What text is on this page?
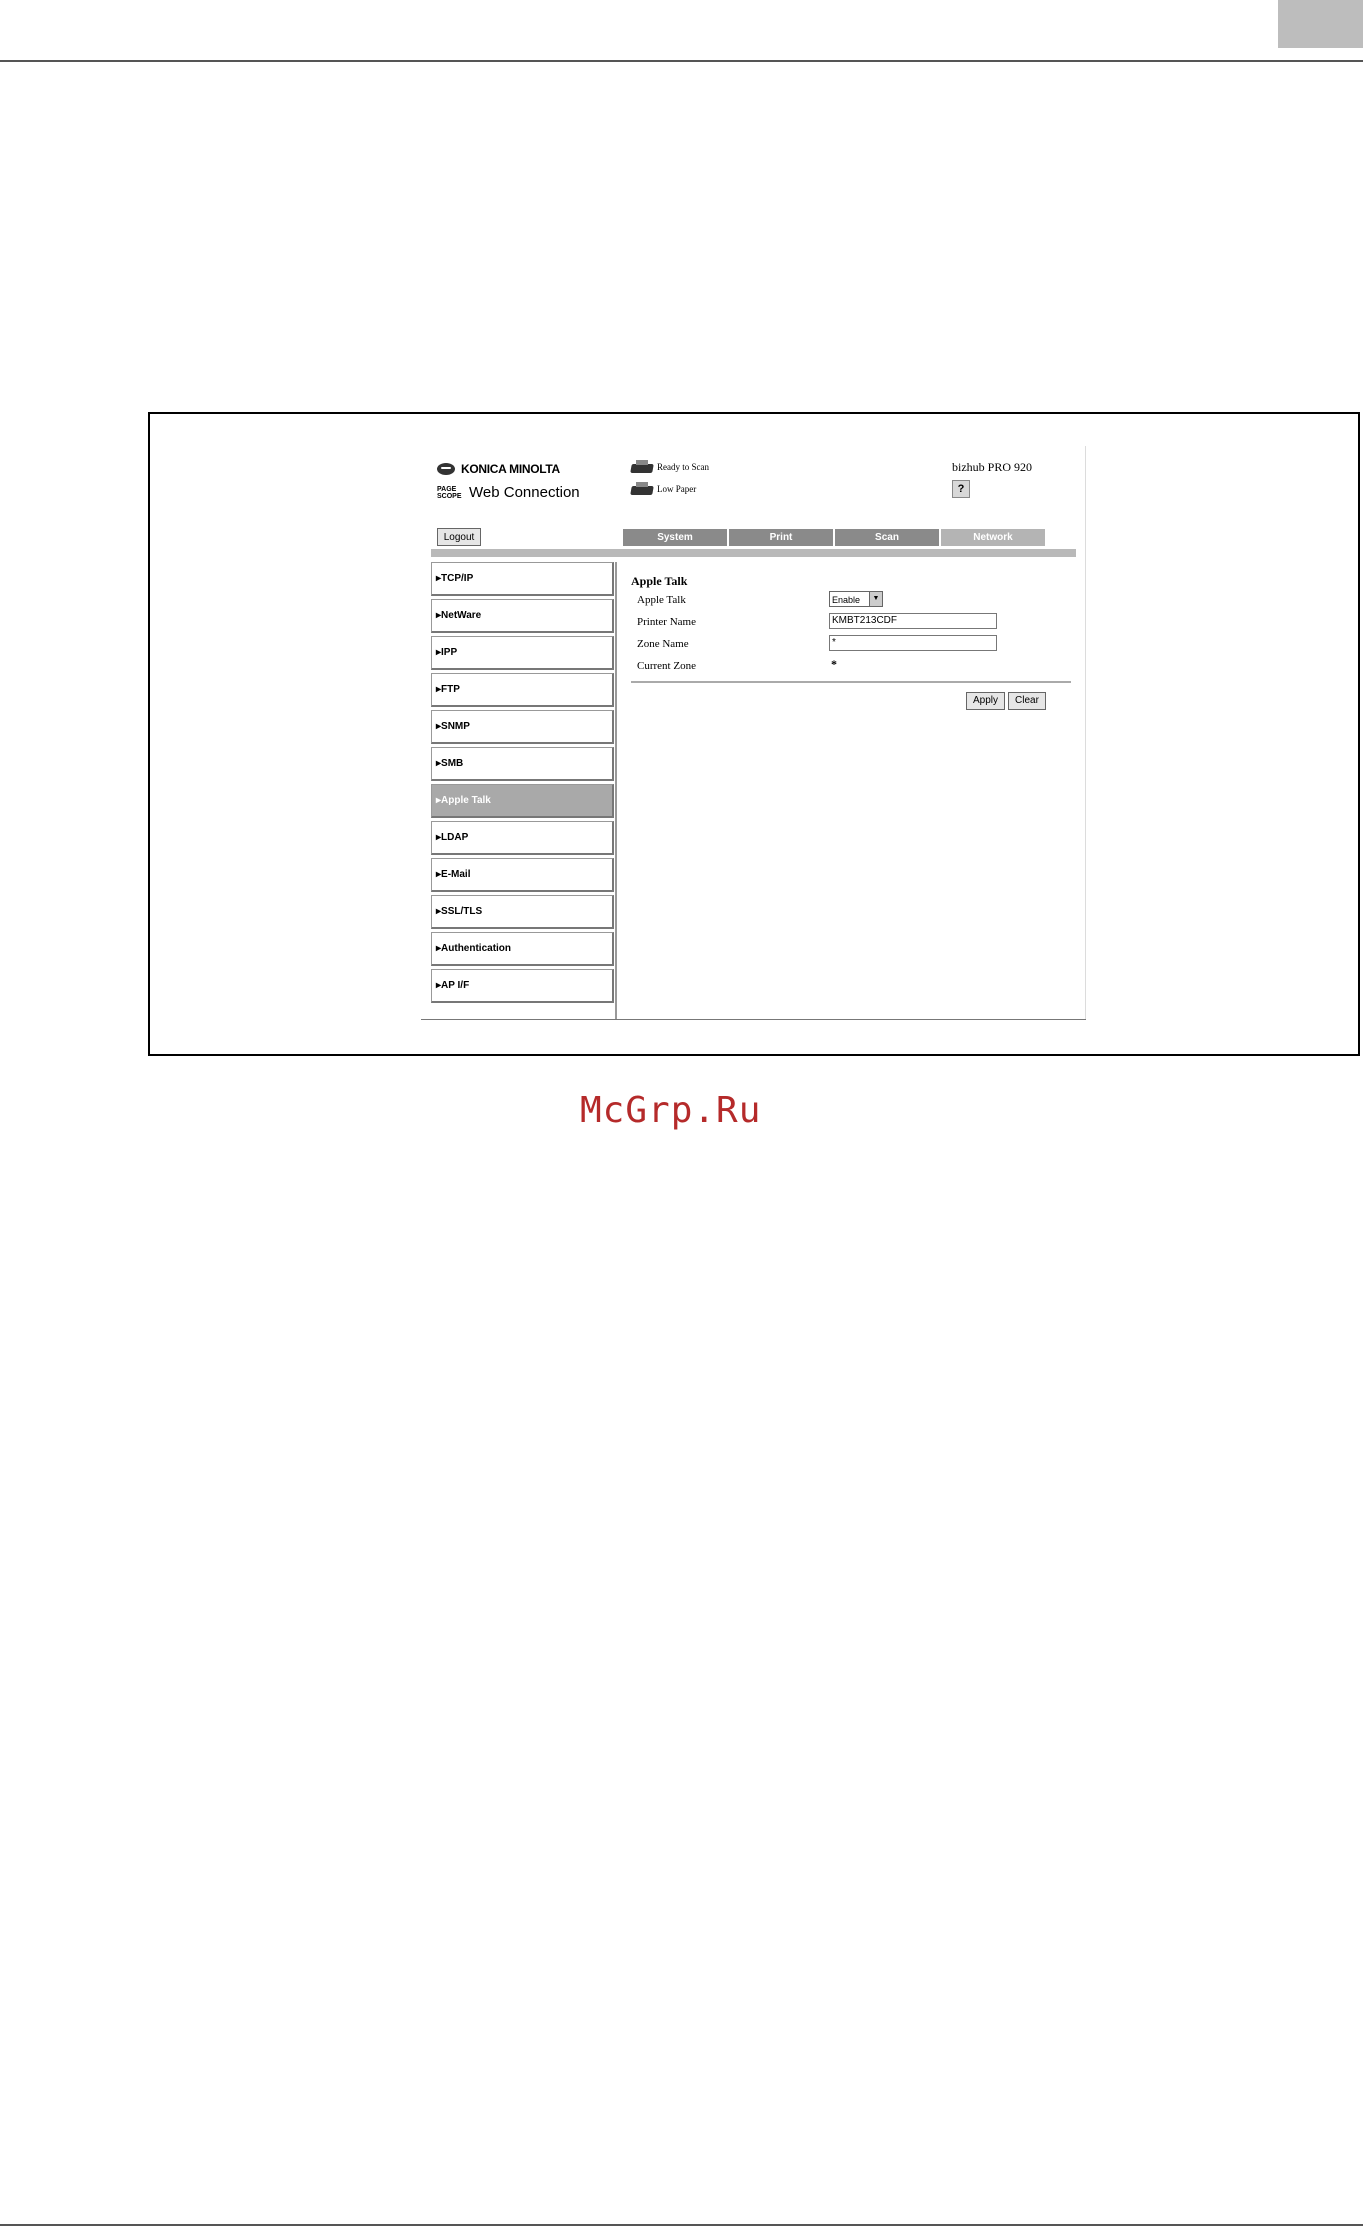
KONICA MINOLTA
PAGE SCOPE Web Connection
Ready to Scan
Low Paper
bizhub PRO 920
?
Logout	System	Print	Scan	Network
▸TCP/IP
▸NetWare
▸IPP
▸FTP
▸SNMP
▸SMB
▸Apple Talk
▸LDAP
▸E-Mail
▸SSL/TLS
▸Authentication
▸AP I/F
Apple Talk
Apple Talk	Enable	▼
Printer Name	KMBT213CDF
Zone Name	*
Current Zone	*
Apply	Clear
McGrp.Ru
